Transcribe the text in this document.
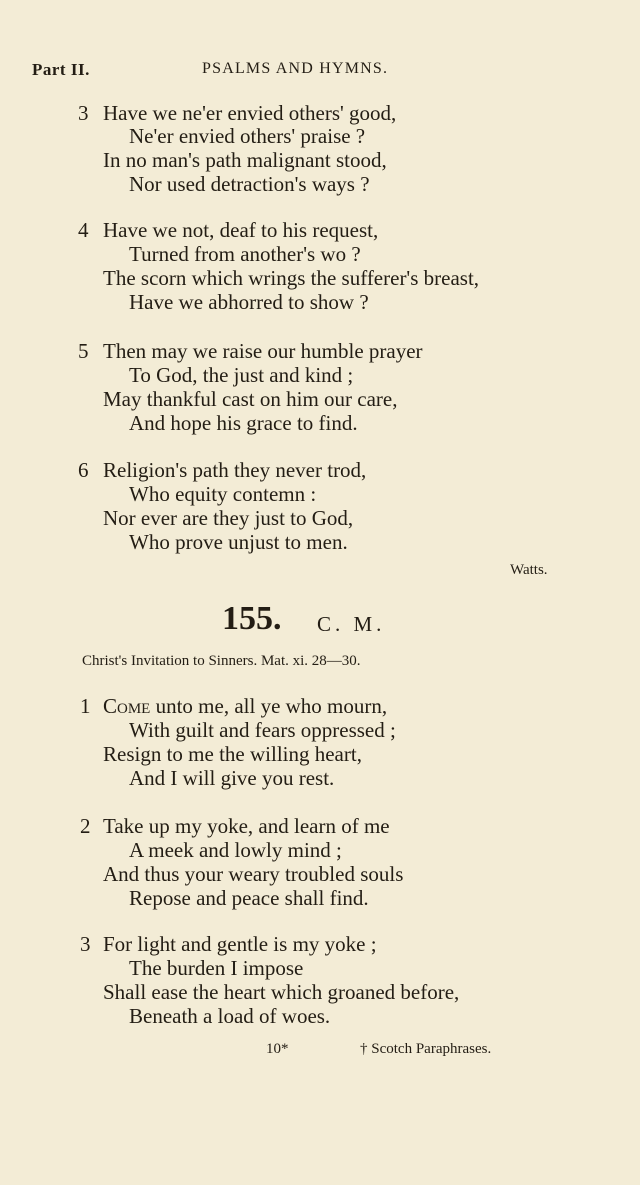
Part II.	PSALMS AND HYMNS.
3 Have we ne'er envied others' good,
Ne'er envied others' praise ?
In no man's path malignant stood,
Nor used detraction's ways ?
4 Have we not, deaf to his request,
Turned from another's wo ?
The scorn which wrings the sufferer's breast,
Have we abhorred to show ?
5 Then may we raise our humble prayer
To God, the just and kind ;
May thankful cast on him our care,
And hope his grace to find.
6 Religion's path they never trod,
Who equity contemn :
Nor ever are they just to God,
Who prove unjust to men.
Watts.
155. C. M.
Christ's Invitation to Sinners. Mat. xi. 28—30.
1 Come unto me, all ye who mourn,
With guilt and fears oppressed ;
Resign to me the willing heart,
And I will give you rest.
2 Take up my yoke, and learn of me
A meek and lowly mind ;
And thus your weary troubled souls
Repose and peace shall find.
3 For light and gentle is my yoke ;
The burden I impose
Shall ease the heart which groaned before,
Beneath a load of woes.
10*	† Scotch Paraphrases.
